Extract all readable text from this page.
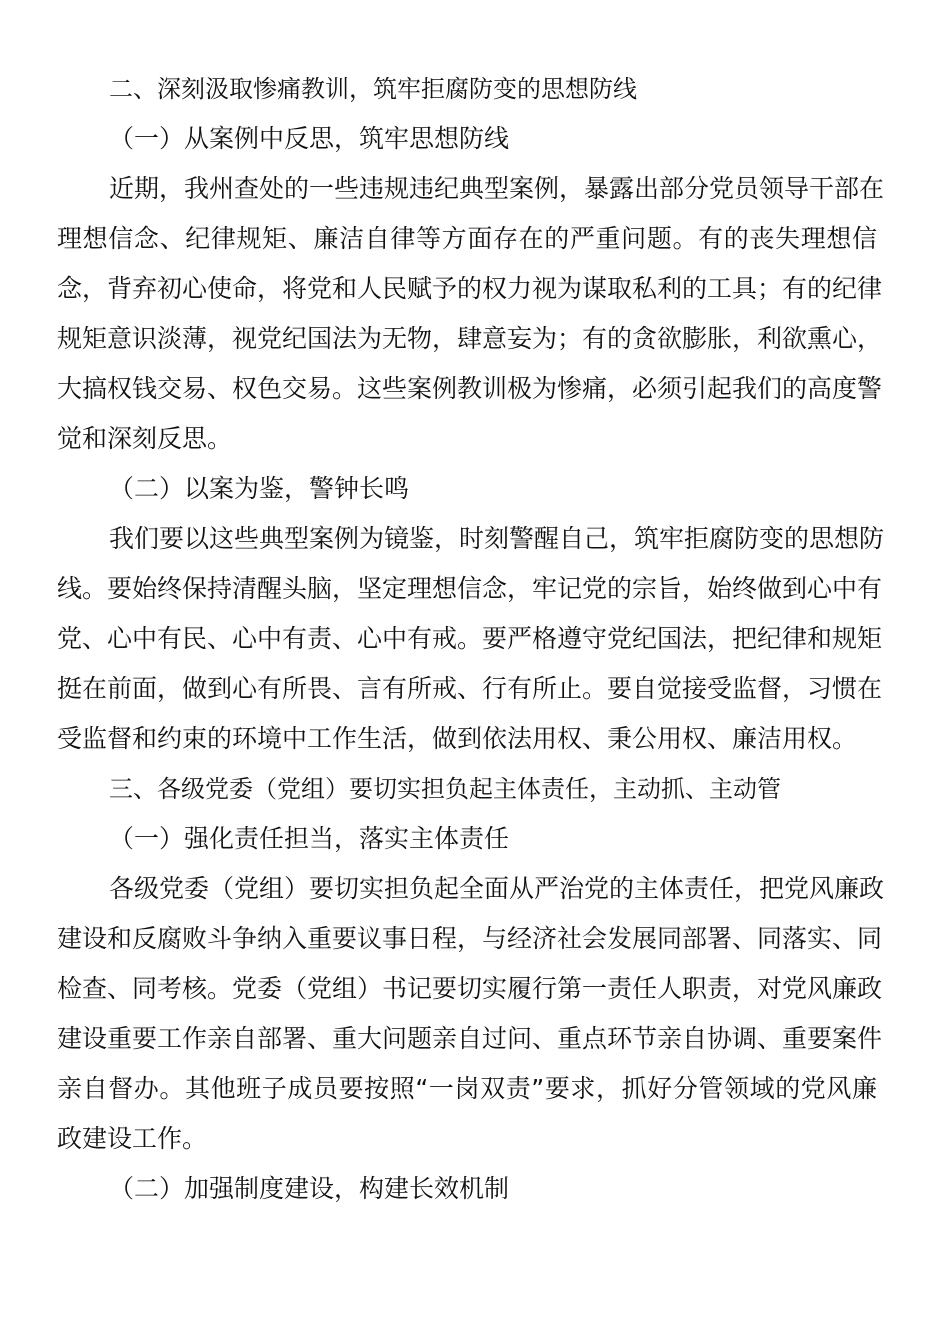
二、深刻汲取惨痛教训，筑牢拒腐防变的思想防线

（一）从案例中反思，筑牢思想防线

近期，我州查处的一些违规违纪典型案例，暴露出部分党员领导干部在

理想信念、纪律规矩、廉洁自律等方面存在的严重问题。有的丧失理想信

念，背弃初心使命，将党和人民赋予的权力视为谋取私利的工具；有的纪律

规矩意识淡薄，视党纪国法为无物，肆意妄为；有的贪欲膨胀，利欲熏心，

大搞权钱交易、权色交易。这些案例教训极为惨痛，必须引起我们的高度警

觉和深刻反思。

（二）以案为鉴，警钟长鸣

我们要以这些典型案例为镜鉴，时刻警醒自己，筑牢拒腐防变的思想防

线。要始终保持清醒头脑，坚定理想信念，牢记党的宗旨，始终做到心中有

党、心中有民、心中有责、心中有戒。要严格遵守党纪国法，把纪律和规矩

挺在前面，做到心有所畏、言有所戒、行有所止。要自觉接受监督，习惯在

受监督和约束的环境中工作生活，做到依法用权、秉公用权、廉洁用权。

三、各级党委（党组）要切实担负起主体责任，主动抓、主动管

（一）强化责任担当，落实主体责任

各级党委（党组）要切实担负起全面从严治党的主体责任，把党风廉政

建设和反腐败斗争纳入重要议事日程，与经济社会发展同部署、同落实、同

检查、同考核。党委（党组）书记要切实履行第一责任人职责，对党风廉政

建设重要工作亲自部署、重大问题亲自过问、重点环节亲自协调、重要案件

亲自督办。其他班子成员要按照“一岗双责”要求，抓好分管领域的党风廉

政建设工作。

（二）加强制度建设，构建长效机制
